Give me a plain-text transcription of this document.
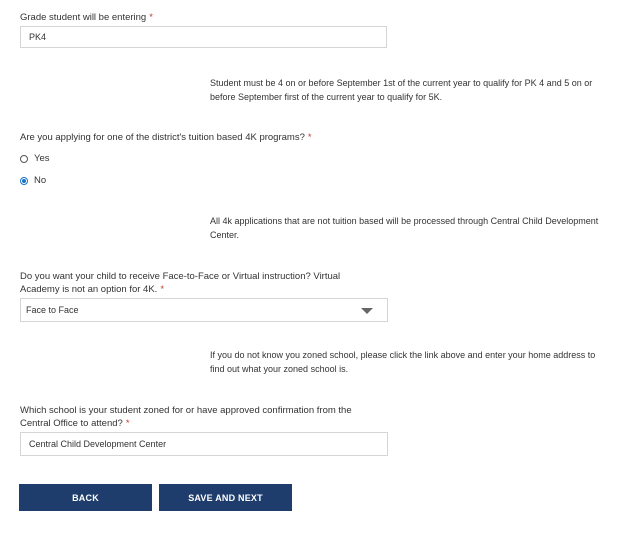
Grade student will be entering *
PK4
Student must be 4 on or before September 1st of the current year to qualify for PK 4 and 5 on or before September first of the current year to qualify for 5K.
Are you applying for one of the district's tuition based 4K programs? *
Yes
No
All 4k applications that are not tuition based will be processed through Central Child Development Center.
Do you want your child to receive Face-to-Face or Virtual instruction? Virtual Academy is not an option for 4K. *
Face to Face
If you do not know you zoned school, please click the link above and enter your home address to find out what your zoned school is.
Which school is your student zoned for or have approved confirmation from the Central Office to attend? *
Central Child Development Center
BACK	SAVE AND NEXT
